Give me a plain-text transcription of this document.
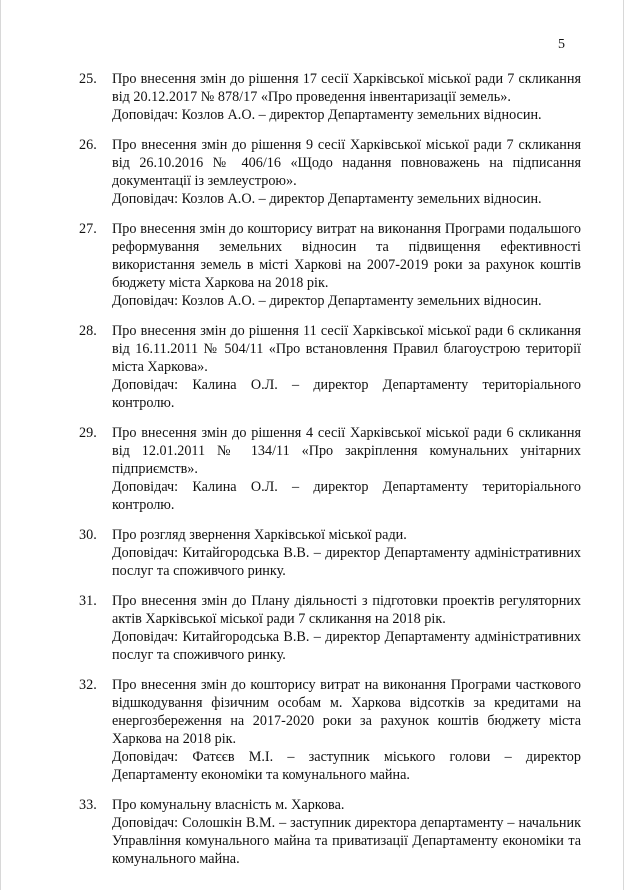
5
25.	Про внесення змін до рішення 17 сесії Харківської міської ради 7 скликання від 20.12.2017 № 878/17 «Про проведення інвентаризації земель».

Доповідач: Козлов А.О. – директор Департаменту земельних відносин.

26.	Про внесення змін до рішення 9 сесії Харківської міської ради 7 скликання від 26.10.2016 № 406/16 «Щодо надання повноважень на підписання документації із землеустрою».

Доповідач: Козлов А.О. – директор Департаменту земельних відносин.

27.	Про внесення змін до кошторису витрат на виконання Програми подальшого реформування земельних відносин та підвищення ефективності використання земель в місті Харкові на 2007-2019 роки за рахунок коштів бюджету міста Харкова на 2018 рік.

Доповідач: Козлов А.О. – директор Департаменту земельних відносин.

28.	Про внесення змін до рішення 11 сесії Харківської міської ради 6 скликання від 16.11.2011 № 504/11 «Про встановлення Правил благоустрою території міста Харкова».

Доповідач: Калина О.Л. – директор Департаменту територіального контролю.

29.	Про внесення змін до рішення 4 сесії Харківської міської ради 6 скликання від 12.01.2011 № 134/11 «Про закріплення комунальних унітарних підприємств».

Доповідач: Калина О.Л. – директор Департаменту територіального контролю.

30.	Про розгляд звернення Харківської міської ради.

Доповідач: Китайгородська В.В. – директор Департаменту адміністративних послуг та споживчого ринку.

31.	Про внесення змін до Плану діяльності з підготовки проектів регуляторних актів Харківської міської ради 7 скликання на 2018 рік.

Доповідач: Китайгородська В.В. – директор Департаменту адміністративних послуг та споживчого ринку.

32.	Про внесення змін до кошторису витрат на виконання Програми часткового відшкодування фізичним особам м. Харкова відсотків за кредитами на енергозбереження на 2017-2020 роки за рахунок коштів бюджету міста Харкова на 2018 рік.

Доповідач: Фатєєв М.І. – заступник міського голови – директор Департаменту економіки та комунального майна.

33.	Про комунальну власність м. Харкова.

Доповідач: Солошкін В.М. – заступник директора департаменту – начальник Управління комунального майна та приватизації Департаменту економіки та комунального майна.
